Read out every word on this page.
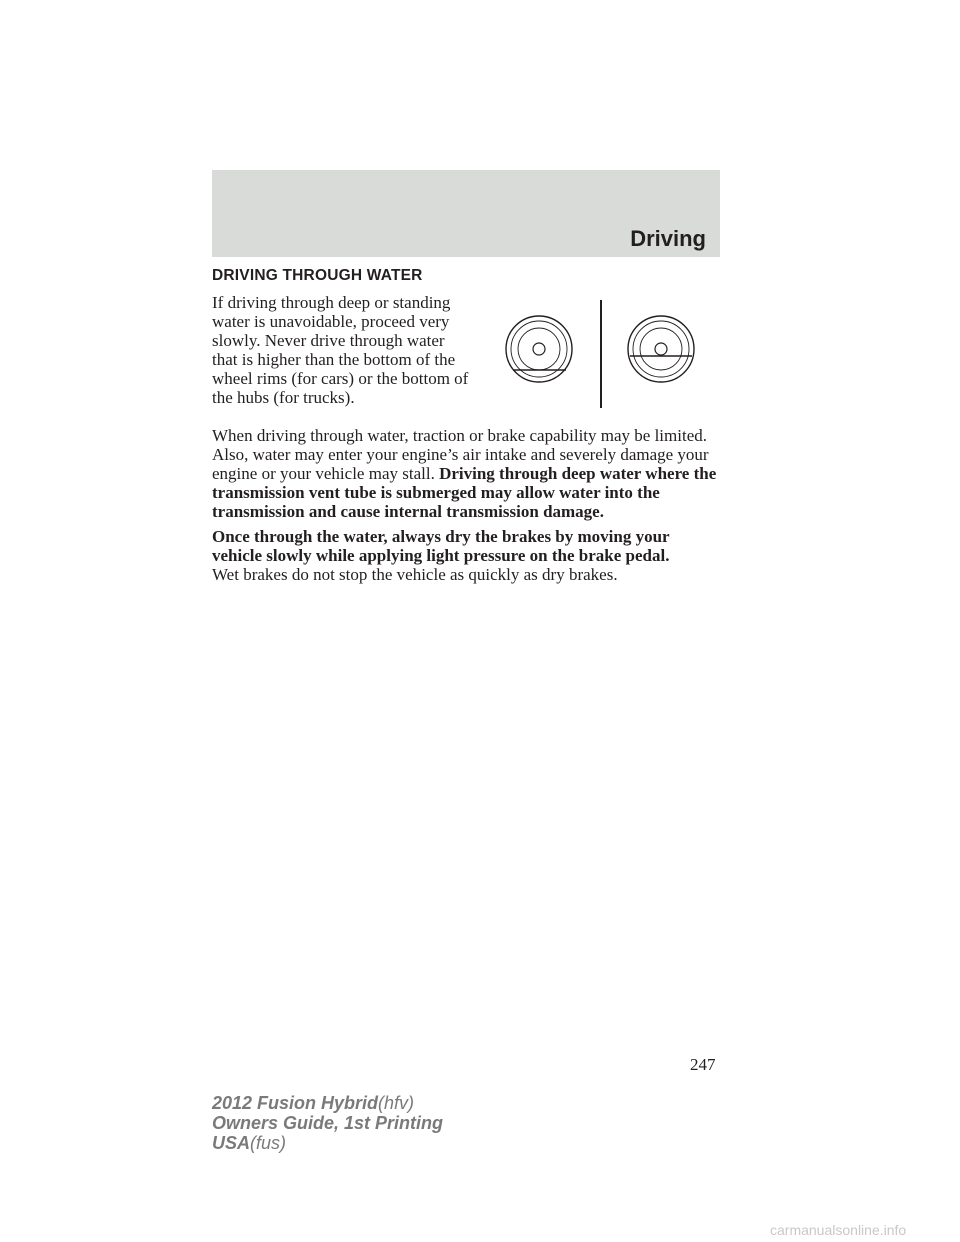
Driving
DRIVING THROUGH WATER
If driving through deep or standing water is unavoidable, proceed very slowly. Never drive through water that is higher than the bottom of the wheel rims (for cars) or the bottom of the hubs (for trucks).

When driving through water, traction or brake capability may be limited. Also, water may enter your engine’s air intake and severely damage your engine or your vehicle may stall. Driving through deep water where the transmission vent tube is submerged may allow water into the transmission and cause internal transmission damage.

Once through the water, always dry the brakes by moving your vehicle slowly while applying light pressure on the brake pedal.
Wet brakes do not stop the vehicle as quickly as dry brakes.

247
2012 Fusion Hybrid(hfv)
Owners Guide, 1st Printing
USA(fus)
carmanualsonline.info
